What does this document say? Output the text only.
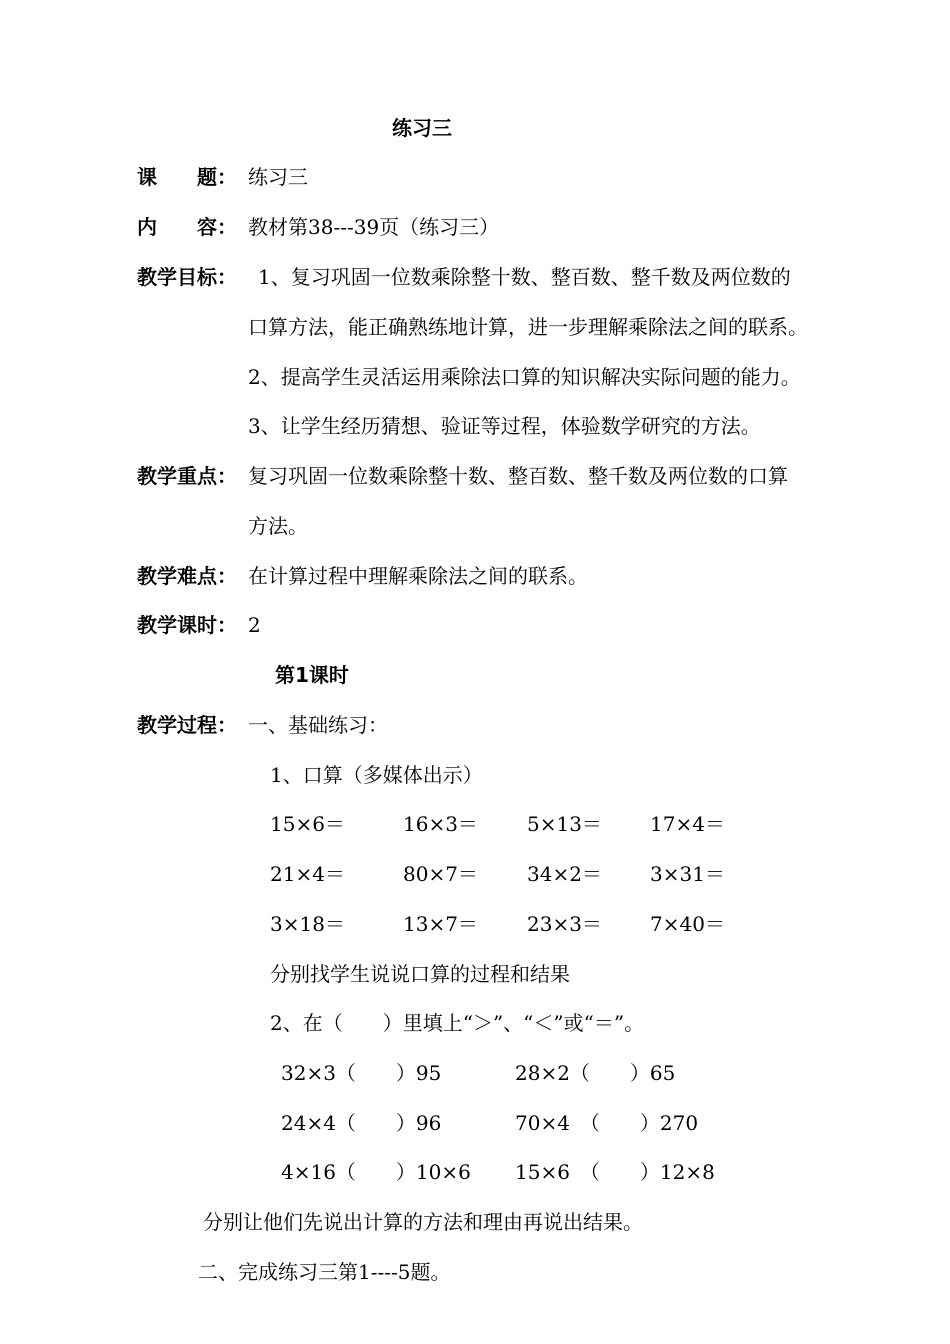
练习三
课　　题： 练习三
内　　容： 教材第38---39页（练习三）
教学目标： 1、复习巩固一位数乘除整十数、整百数、整千数及两位数的
口算方法，能正确熟练地计算，进一步理解乘除法之间的联系。
2、提高学生灵活运用乘除法口算的知识解决实际问题的能力。
3、让学生经历猜想、验证等过程，体验数学研究的方法。
教学重点： 复习巩固一位数乘除整十数、整百数、整千数及两位数的口算
方法。
教学难点： 在计算过程中理解乘除法之间的联系。
教学课时： 2
第1课时
教学过程： 一、基础练习：
1、口算（多媒体出示）
15×6＝	16×3＝ 5×13＝ 17×4＝
21×4＝	80×7＝ 34×2＝ 3×31＝
3×18＝	13×7＝ 23×3＝ 7×40＝
分别找学生说说口算的过程和结果
2、在（　　）里填上“＞”、“＜”或“＝”。
32×3（　　）95	28×2（　　）65
24×4（　　）96	70×4　（　　）270
4×16（　　）10×6 15×6　（　　）12×8
分别让他们先说出计算的方法和理由再说出结果。
二、完成练习三第1----5题。
